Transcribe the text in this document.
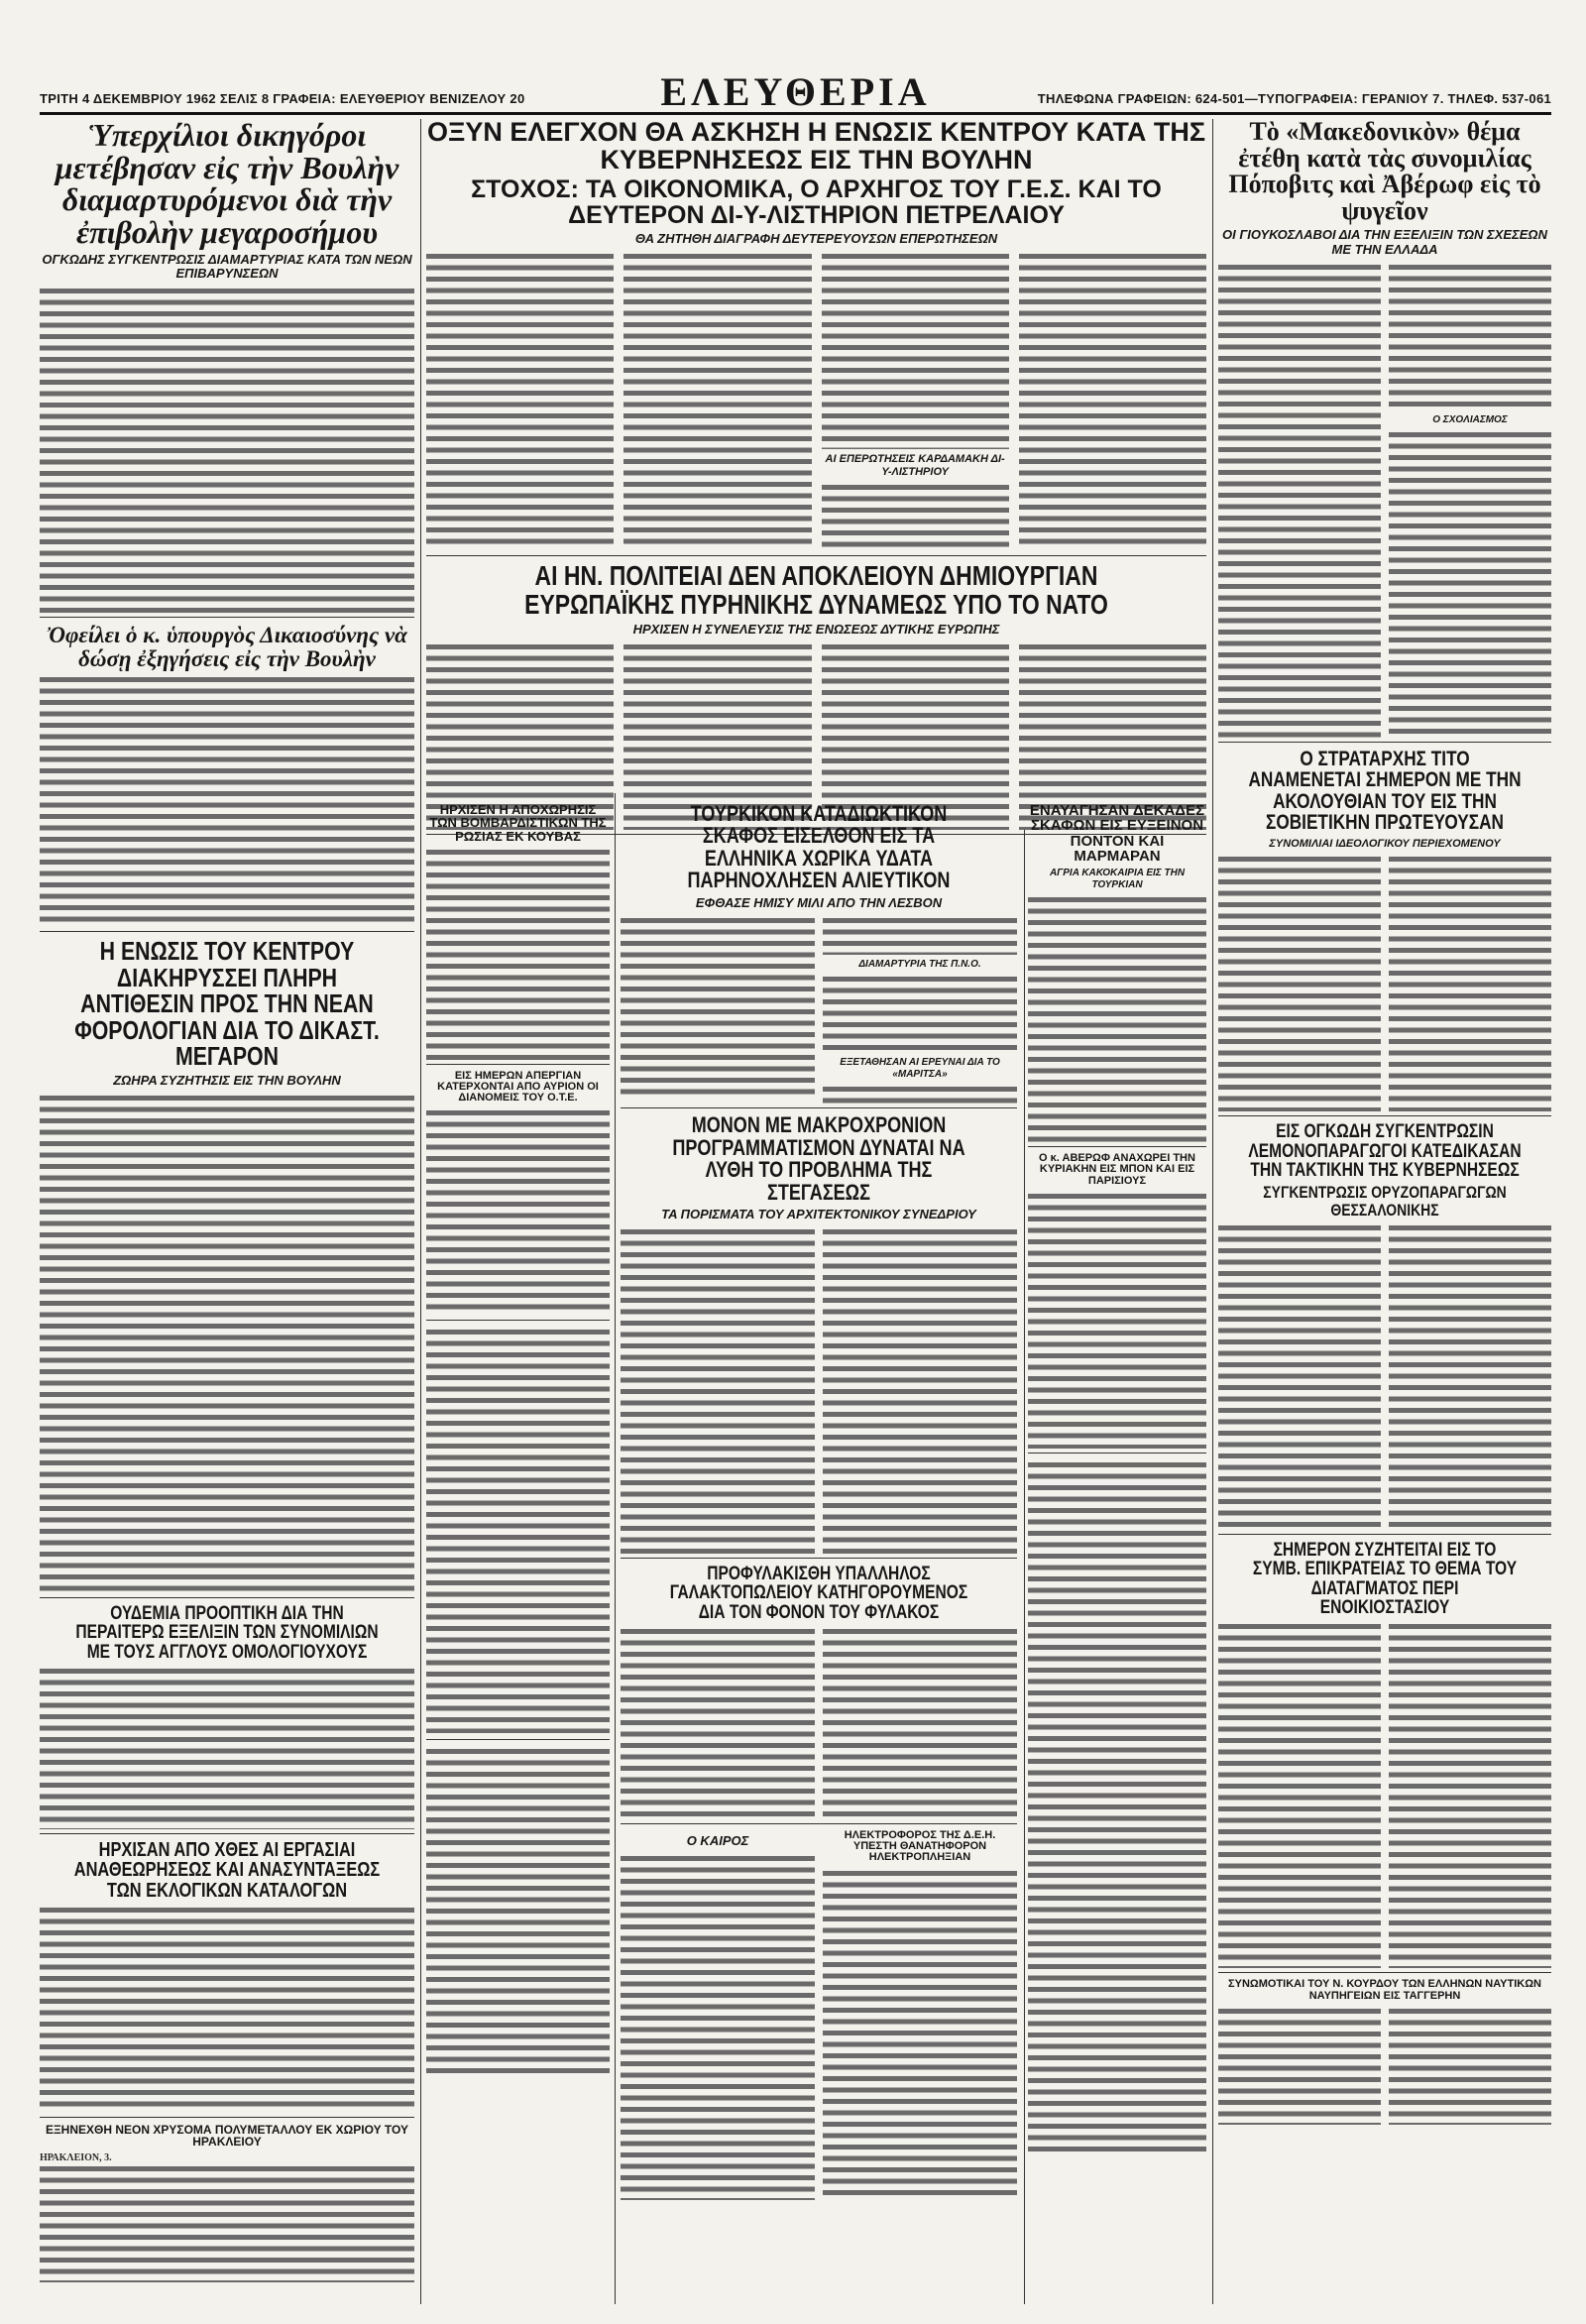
ΤΡΙΤΗ 4 ΔΕΚΕΜΒΡΙΟΥ 1962 ΣΕΛΙΣ 8 ΓΡΑΦΕΙΑ: ΕΛΕΥΘΕΡΙΟΥ ΒΕΝΙΖΕΛΟΥ 20	ΕΛΕΥΘΕΡΙΑ	ΤΗΛΕΦΩΝΑ ΓΡΑΦΕΙΩΝ: 624-501—ΤΥΠΟΓΡΑΦΕΙΑ: ΓΕΡΑΝΙΟΥ 7. ΤΗΛΕΦ. 537-061
Ὑπερχίλιοι δικηγόροι μετέβησαν εἰς τὴν Βουλὴν διαμαρτυρόμενοι διὰ τὴν ἐπιβολὴν μεγαροσήμου
ΟΓΚΩΔΗΣ ΣΥΓΚΕΝΤΡΩΣΙΣ ΔΙΑΜΑΡΤΥΡΙΑΣ ΚΑΤΑ ΤΩΝ ΝΕΩΝ ΕΠΙΒΑΡΥΝΣΕΩΝ
Ὀφείλει ὁ κ. ὑπουργὸς Δικαιοσύνης νὰ δώσῃ ἐξηγήσεις εἰς τὴν Βουλὴν
Η ΕΝΩΣΙΣ ΤΟΥ ΚΕΝΤΡΟΥ ΔΙΑΚΗΡΥΣΣΕΙ ΠΛΗΡΗ ΑΝΤΙΘΕΣΙΝ ΠΡΟΣ ΤΗΝ ΝΕΑΝ ΦΟΡΟΛΟΓΙΑΝ ΔΙΑ ΤΟ ΔΙΚΑΣΤ. ΜΕΓΑΡΟΝ
ΖΩΗΡΑ ΣΥΖΗΤΗΣΙΣ ΕΙΣ ΤΗΝ ΒΟΥΛΗΝ
ΟΥΔΕΜΙΑ ΠΡΟΟΠΤΙΚΗ ΔΙΑ ΤΗΝ ΠΕΡΑΙΤΕΡΩ ΕΞΕΛΙΞΙΝ ΤΩΝ ΣΥΝΟΜΙΛΙΩΝ ΜΕ ΤΟΥΣ ΑΓΓΛΟΥΣ ΟΜΟΛΟΓΙΟΥΧΟΥΣ
ΗΡΧΙΣΑΝ ΑΠΟ ΧΘΕΣ ΑΙ ΕΡΓΑΣΙΑΙ ΑΝΑΘΕΩΡΗΣΕΩΣ ΚΑΙ ΑΝΑΣΥΝΤΑΞΕΩΣ ΤΩΝ ΕΚΛΟΓΙΚΩΝ ΚΑΤΑΛΟΓΩΝ
ΕΞΗΝΕΧΘΗ ΝΕΟΝ ΧΡΥΣΟΜΑ ΠΟΛΥΜΕΤΑΛΛΟΥ ΕΚ ΧΩΡΙΟΥ ΤΟΥ ΗΡΑΚΛΕΙΟΥ
ΗΡΑΚΛΕΙΟΝ, 3.
ΟΞΥΝ ΕΛΕΓΧΟΝ ΘΑ ΑΣΚΗΣΗ Η ΕΝΩΣΙΣ ΚΕΝΤΡΟΥ ΚΑΤΑ ΤΗΣ ΚΥΒΕΡΝΗΣΕΩΣ ΕΙΣ ΤΗΝ ΒΟΥΛΗΝ
ΣΤΟΧΟΣ: ΤΑ ΟΙΚΟΝΟΜΙΚΑ, Ο ΑΡΧΗΓΟΣ ΤΟΥ Γ.Ε.Σ. ΚΑΙ ΤΟ ΔΕΥΤΕΡΟΝ ΔΙ-Υ-ΛΙΣΤΗΡΙΟΝ ΠΕΤΡΕΛΑΙΟΥ
ΘΑ ΖΗΤΗΘΗ ΔΙΑΓΡΑΦΗ ΔΕΥΤΕΡΕΥΟΥΣΩΝ ΕΠΕΡΩΤΗΣΕΩΝ
ΑΙ ΕΠΕΡΩΤΗΣΕΙΣ ΚΑΡΔΑΜΑΚΗ ΔΙ-Υ-ΛΙΣΤΗΡΙΟΥ
ΑΙ ΗΝ. ΠΟΛΙΤΕΙΑΙ ΔΕΝ ΑΠΟΚΛΕΙΟΥΝ ΔΗΜΙΟΥΡΓΙΑΝ ΕΥΡΩΠΑΪΚΗΣ ΠΥΡΗΝΙΚΗΣ ΔΥΝΑΜΕΩΣ ΥΠΟ ΤΟ ΝΑΤΟ
ΗΡΧΙΣΕΝ Η ΣΥΝΕΛΕΥΣΙΣ ΤΗΣ ΕΝΩΣΕΩΣ ΔΥΤΙΚΗΣ ΕΥΡΩΠΗΣ
ΗΡΧΙΣΕΝ Η ΑΠΟΧΩΡΗΣΙΣ ΤΩΝ ΒΟΜΒΑΡΔΙΣΤΙΚΩΝ ΤΗΣ ΡΩΣΙΑΣ ΕΚ ΚΟΥΒΑΣ
ΕΙΣ ΗΜΕΡΩΝ ΑΠΕΡΓΙΑΝ ΚΑΤΕΡΧΟΝΤΑΙ ΑΠΟ ΑΥΡΙΟΝ ΟΙ ΔΙΑΝΟΜΕΙΣ ΤΟΥ Ο.Τ.Ε.
ΤΟΥΡΚΙΚΟΝ ΚΑΤΑΔΙΩΚΤΙΚΟΝ ΣΚΑΦΟΣ ΕΙΣΕΛΘΟΝ ΕΙΣ ΤΑ ΕΛΛΗΝΙΚΑ ΧΩΡΙΚΑ ΥΔΑΤΑ ΠΑΡΗΝΟΧΛΗΣΕΝ ΑΛΙΕΥΤΙΚΟΝ
ΕΦΘΑΣΕ ΗΜΙΣΥ ΜΙΛΙ ΑΠΟ ΤΗΝ ΛΕΣΒΟΝ
ΔΙΑΜΑΡΤΥΡΙΑ ΤΗΣ Π.Ν.Ο.
ΕΞΕΤΑΘΗΣΑΝ ΑΙ ΕΡΕΥΝΑΙ ΔΙΑ ΤΟ «ΜΑΡΙΤΣΑ»
ΜΟΝΟΝ ΜΕ ΜΑΚΡΟΧΡΟΝΙΟΝ ΠΡΟΓΡΑΜΜΑΤΙΣΜΟΝ ΔΥΝΑΤΑΙ ΝΑ ΛΥΘΗ ΤΟ ΠΡΟΒΛΗΜΑ ΤΗΣ ΣΤΕΓΑΣΕΩΣ
ΤΑ ΠΟΡΙΣΜΑΤΑ ΤΟΥ ΑΡΧΙΤΕΚΤΟΝΙΚΟΥ ΣΥΝΕΔΡΙΟΥ
ΠΡΟΦΥΛΑΚΙΣΘΗ ΥΠΑΛΛΗΛΟΣ ΓΑΛΑΚΤΟΠΩΛΕΙΟΥ ΚΑΤΗΓΟΡΟΥΜΕΝΟΣ ΔΙΑ ΤΟΝ ΦΟΝΟΝ ΤΟΥ ΦΥΛΑΚΟΣ
Ο ΚΑΙΡΟΣ	ΗΛΕΚΤΡΟΦΟΡΟΣ ΤΗΣ Δ.Ε.Η. ΥΠΕΣΤΗ ΘΑΝΑΤΗΦΟΡΟΝ ΗΛΕΚΤΡΟΠΛΗΞΙΑΝ
ΕΝΑΥΑΓΗΣΑΝ ΔΕΚΑΔΕΣ ΣΚΑΦΩΝ ΕΙΣ ΕΥΞΕΙΝΟΝ ΠΟΝΤΟΝ ΚΑΙ ΜΑΡΜΑΡΑΝ
ΑΓΡΙΑ ΚΑΚΟΚΑΙΡΙΑ ΕΙΣ ΤΗΝ ΤΟΥΡΚΙΑΝ
Ο κ. ΑΒΕΡΩΦ ΑΝΑΧΩΡΕΙ ΤΗΝ ΚΥΡΙΑΚΗΝ ΕΙΣ ΜΠΟΝ ΚΑΙ ΕΙΣ ΠΑΡΙΣΙΟΥΣ
Τὸ «Μακεδονικὸν» θέμα ἐτέθη κατὰ τὰς συνομιλίας Πόποβιτς καὶ Ἀβέρωφ εἰς τὸ ψυγεῖον
ΟΙ ΓΙΟΥΚΟΣΛΑΒΟΙ ΔΙΑ ΤΗΝ ΕΞΕΛΙΞΙΝ ΤΩΝ ΣΧΕΣΕΩΝ ΜΕ ΤΗΝ ΕΛΛΑΔΑ
Ο ΣΧΟΛΙΑΣΜΟΣ
Ο ΣΤΡΑΤΑΡΧΗΣ ΤΙΤΟ ΑΝΑΜΕΝΕΤΑΙ ΣΗΜΕΡΟΝ ΜΕ ΤΗΝ ΑΚΟΛΟΥΘΙΑΝ ΤΟΥ ΕΙΣ ΤΗΝ ΣΟΒΙΕΤΙΚΗΝ ΠΡΩΤΕΥΟΥΣΑΝ
ΣΥΝΟΜΙΛΙΑΙ ΙΔΕΟΛΟΓΙΚΟΥ ΠΕΡΙΕΧΟΜΕΝΟΥ
ΕΙΣ ΟΓΚΩΔΗ ΣΥΓΚΕΝΤΡΩΣΙΝ ΛΕΜΟΝΟΠΑΡΑΓΩΓΟΙ ΚΑΤΕΔΙΚΑΣΑΝ ΤΗΝ ΤΑΚΤΙΚΗΝ ΤΗΣ ΚΥΒΕΡΝΗΣΕΩΣ
ΣΥΓΚΕΝΤΡΩΣΙΣ ΟΡΥΖΟΠΑΡΑΓΩΓΩΝ ΘΕΣΣΑΛΟΝΙΚΗΣ
ΣΗΜΕΡΟΝ ΣΥΖΗΤΕΙΤΑΙ ΕΙΣ ΤΟ ΣΥΜΒ. ΕΠΙΚΡΑΤΕΙΑΣ ΤΟ ΘΕΜΑ ΤΟΥ ΔΙΑΤΑΓΜΑΤΟΣ ΠΕΡΙ ΕΝΟΙΚΙΟΣΤΑΣΙΟΥ
ΣΥΝΩΜΟΤΙΚΑΙ ΤΟΥ Ν. ΚΟΥΡΔΟΥ ΤΩΝ ΕΛΛΗΝΩΝ ΝΑΥΤΙΚΩΝ ΝΑΥΠΗΓΕΙΩΝ ΕΙΣ ΤΑΓΓΕΡΗΝ
